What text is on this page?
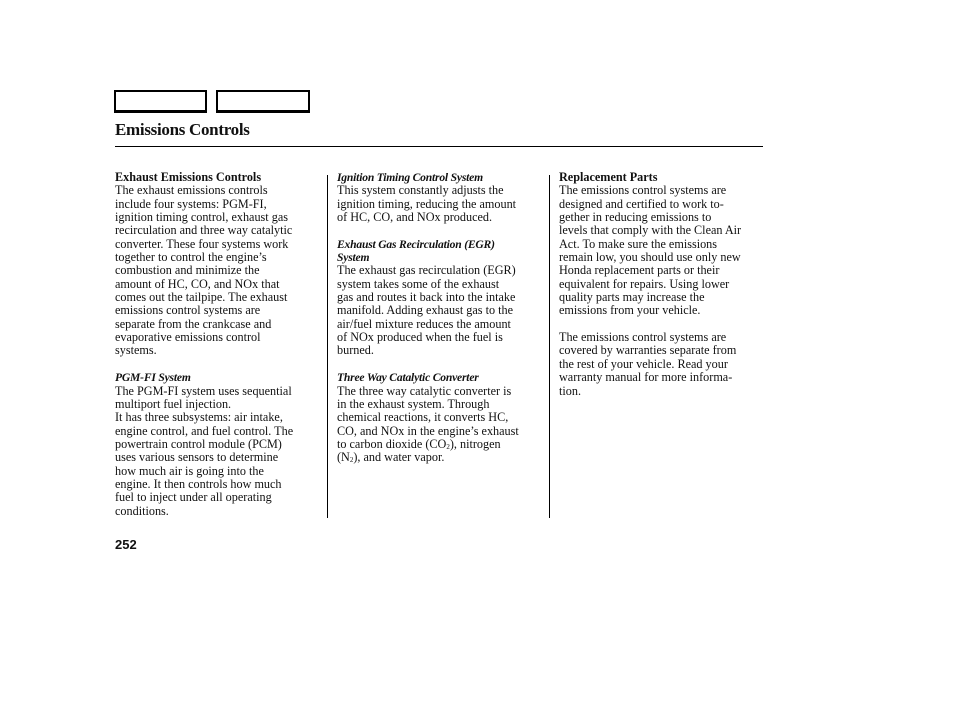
Emissions Controls

Exhaust Emissions Controls

The exhaust emissions controls
include four systems: PGM-FI,
ignition timing control, exhaust gas
recirculation and three way catalytic
converter. These four systems work
together to control the engine’s
combustion and minimize the
amount of HC, CO, and NOx that
comes out the tailpipe. The exhaust
emissions control systems are
separate from the crankcase and
evaporative emissions control
systems.

PGM-FI System

The PGM-FI system uses sequential
multiport fuel injection.
It has three subsystems: air intake,
engine control, and fuel control. The
powertrain control module (PCM)
uses various sensors to determine
how much air is going into the
engine. It then controls how much
fuel to inject under all operating
conditions.

Ignition Timing Control System

This system constantly adjusts the
ignition timing, reducing the amount
of HC, CO, and NOx produced.

Exhaust Gas Recirculation (EGR)
System

The exhaust gas recirculation (EGR)
system takes some of the exhaust
gas and routes it back into the intake
manifold. Adding exhaust gas to the
air/fuel mixture reduces the amount
of NOx produced when the fuel is
burned.

Three Way Catalytic Converter

The three way catalytic converter is
in the exhaust system. Through
chemical reactions, it converts HC,
CO, and NOx in the engine’s exhaust
to carbon dioxide $(CO_2)$, nitrogen
$(N_2)$, and water vapor.

Replacement Parts

The emissions control systems are
designed and certified to work to-
gether in reducing emissions to
levels that comply with the Clean Air
Act. To make sure the emissions
remain low, you should use only new
Honda replacement parts or their
equivalent for repairs. Using lower
quality parts may increase the
emissions from your vehicle.

The emissions control systems are
covered by warranties separate from
the rest of your vehicle. Read your
warranty manual for more informa-
tion.

252
